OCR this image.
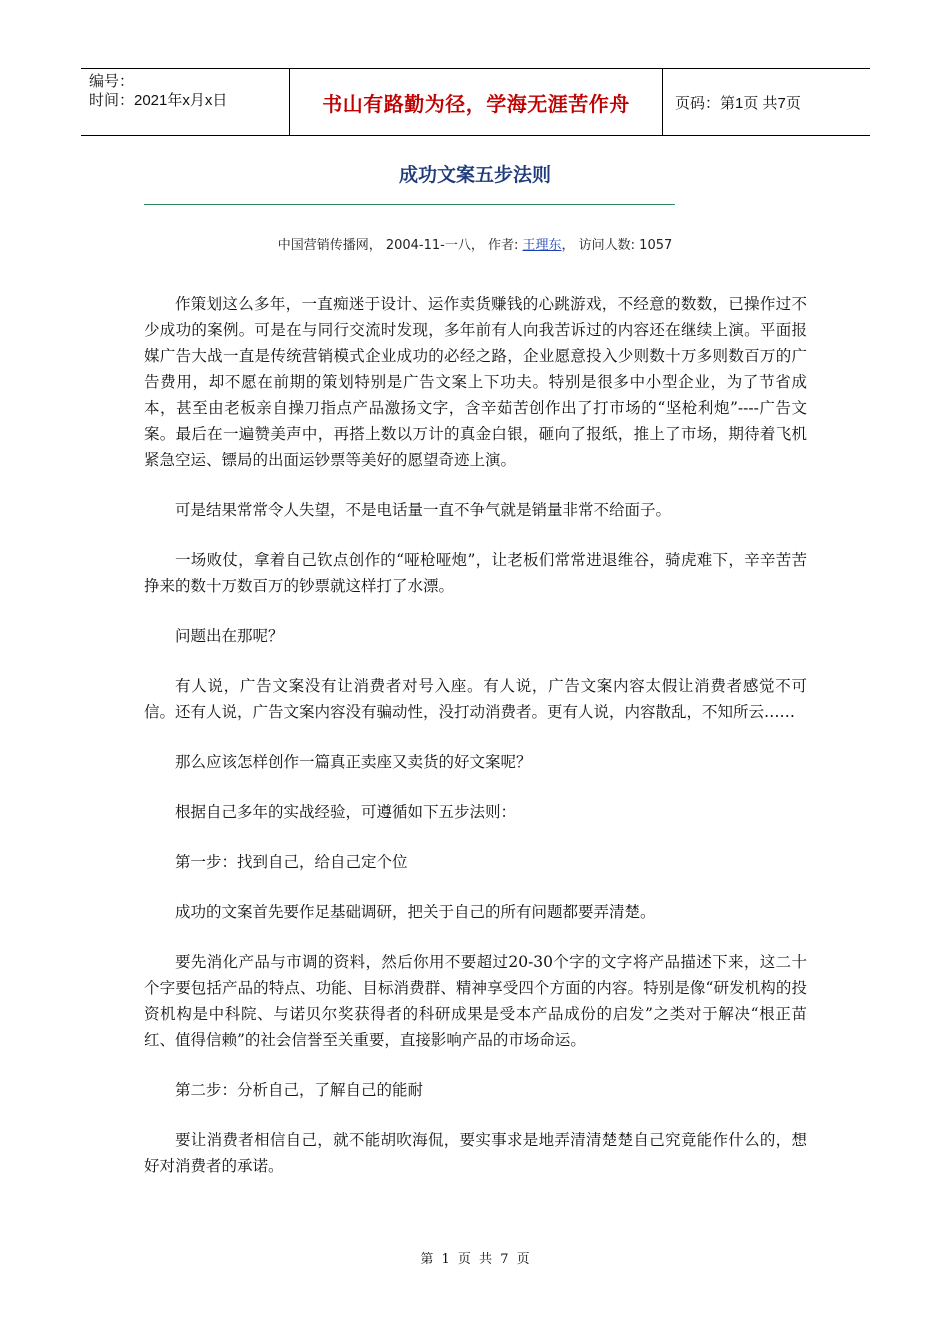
编号：
时间：2021年x月x日	书山有路勤为径，学海无涯苦作舟	页码：第1页 共7页
成功文案五步法则
中国营销传播网， 2004-11-一八， 作者: 王理东， 访问人数: 1057

作策划这么多年，一直痴迷于设计、运作卖货赚钱的心跳游戏，不经意的数数，已操作过不少成功的案例。可是在与同行交流时发现，多年前有人向我苦诉过的内容还在继续上演。平面报媒广告大战一直是传统营销模式企业成功的必经之路，企业愿意投入少则数十万多则数百万的广告费用，却不愿在前期的策划特别是广告文案上下功夫。特别是很多中小型企业，为了节省成本，甚至由老板亲自操刀指点产品激扬文字，含辛茹苦创作出了打市场的“坚枪利炮”----广告文案。最后在一遍赞美声中，再搭上数以万计的真金白银，砸向了报纸，推上了市场，期待着飞机紧急空运、镖局的出面运钞票等美好的愿望奇迹上演。

可是结果常常令人失望，不是电话量一直不争气就是销量非常不给面子。

一场败仗，拿着自己钦点创作的“哑枪哑炮”，让老板们常常进退维谷，骑虎难下，辛辛苦苦挣来的数十万数百万的钞票就这样打了水漂。

问题出在那呢？

有人说，广告文案没有让消费者对号入座。有人说，广告文案内容太假让消费者感觉不可信。还有人说，广告文案内容没有骗动性，没打动消费者。更有人说，内容散乱，不知所云……

那么应该怎样创作一篇真正卖座又卖货的好文案呢？

根据自己多年的实战经验，可遵循如下五步法则：

第一步：找到自己，给自己定个位

成功的文案首先要作足基础调研，把关于自己的所有问题都要弄清楚。

要先消化产品与市调的资料，然后你用不要超过20-30个字的文字将产品描述下来，这二十个字要包括产品的特点、功能、目标消费群、精神享受四个方面的内容。特别是像“研发机构的投资机构是中科院、与诺贝尔奖获得者的科研成果是受本产品成份的启发”之类对于解决“根正苗红、值得信赖”的社会信誉至关重要，直接影响产品的市场命运。

第二步：分析自己，了解自己的能耐

要让消费者相信自己，就不能胡吹海侃，要实事求是地弄清清楚楚自己究竟能作什么的，想好对消费者的承诺。

第 1 页 共 7 页
